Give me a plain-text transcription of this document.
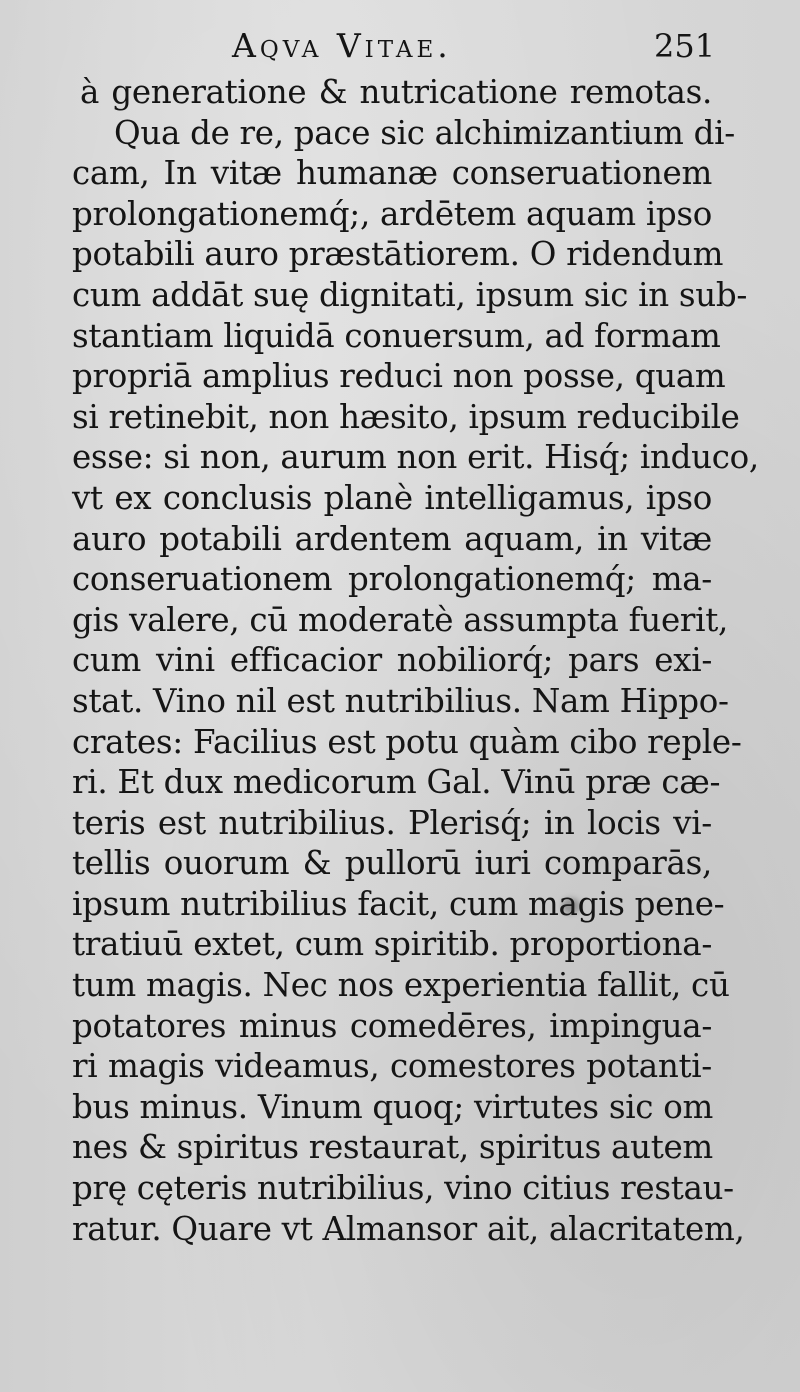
Aqva Vitae.	251
à generatione & nutricatione remotas.
Qua de re, pace sic alchimizantium di-
cam, In vitæ humanæ conseruationem
prolongationemq́;, ardētem aquam ipso
potabili auro præstātiorem. O ridendum
cum addāt suę dignitati, ipsum sic in sub-
stantiam liquidā conuersum, ad formam
propriā amplius reduci non posse, quam
si retinebit, non hæsito, ipsum reducibile
esse: si non, aurum non erit. Hisq́; induco,
vt ex conclusis planè intelligamus, ipso
auro potabili ardentem aquam, in vitæ
conseruationem prolongationemq́; ma-
gis valere, cū moderatè assumpta fuerit,
cum vini efficacior nobiliorq́; pars exi-
stat. Vino nil est nutribilius. Nam Hippo-
crates: Facilius est potu quàm cibo reple-
ri. Et dux medicorum Gal. Vinū præ cæ-
teris est nutribilius. Plerisq́; in locis vi-
tellis ouorum & pullorū iuri comparās,
ipsum nutribilius facit, cum magis pene-
tratiuū extet, cum spiritib. proportiona-
tum magis. Nec nos experientia fallit, cū
potatores minus comedēres, impingua-
ri magis videamus, comestores potanti-
bus minus. Vinum quoq; virtutes sic om
nes & spiritus restaurat, spiritus autem
prę cęteris nutribilius, vino citius restau-
ratur. Quare vt Almansor ait, alacritatem,
